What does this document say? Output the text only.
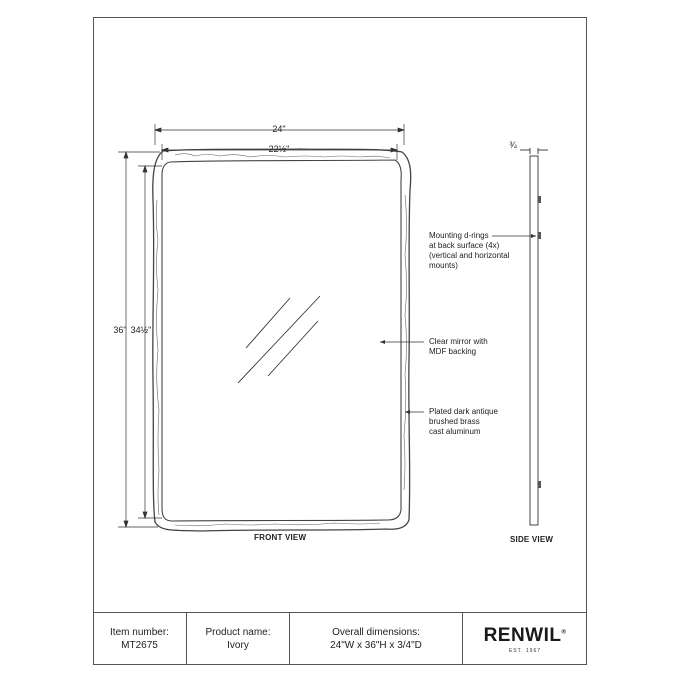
24"
22½"
36" 34½"
¾
Mounting d-rings
at back surface (4x)
(vertical and horizontal
mounts)
Clear mirror with
MDF backing
Plated dark antique
brushed brass
cast aluminum
FRONT VIEW	SIDE VIEW
Item number:
MT2675
Product name:
Ivory
Overall dimensions:
24"W x 36"H x 3/4"D	RENWIL®
EST. 1967
